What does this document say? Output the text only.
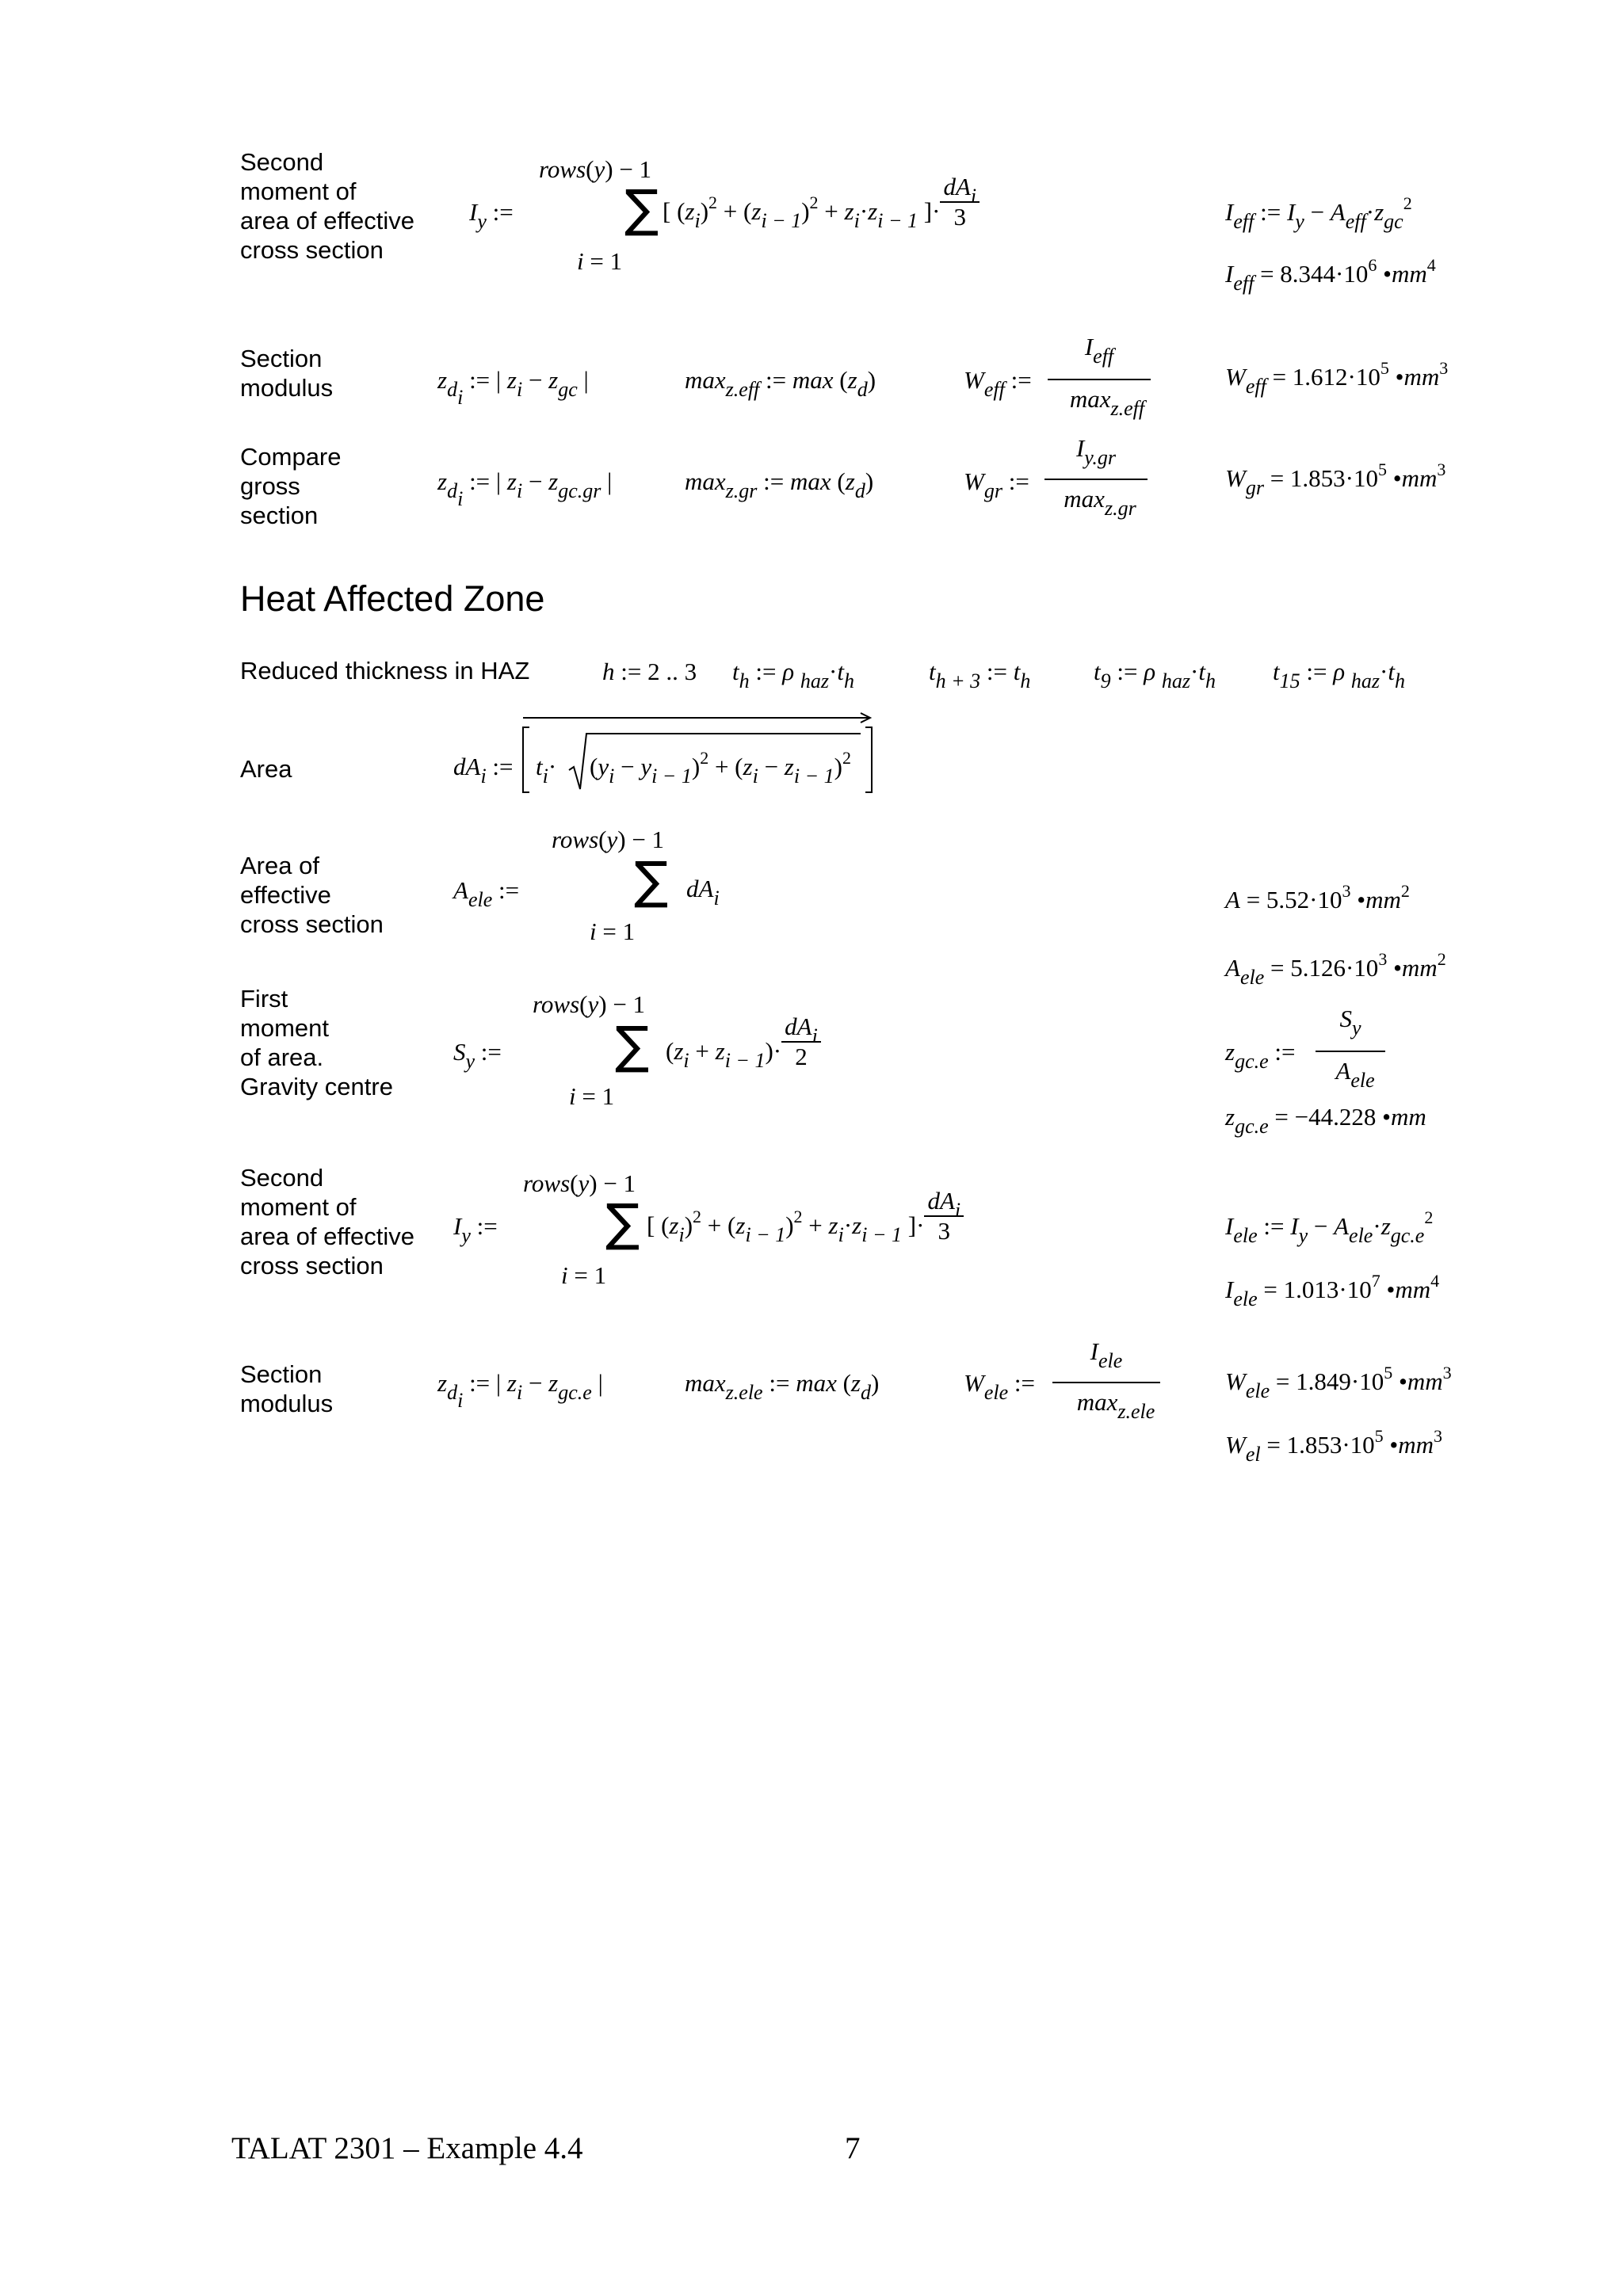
Second
moment of
area of effective
cross section
$I_y$ :=
rows(y) − 1
∑
i = 1
[ $(z_i)^2 + (z_{i - 1})^2 + z_i\cdot z_{i - 1}$ ]· $\frac{dA_i}{3}$	$I_{eff}$ := $I_y - A_{eff}\cdot z_{gc}^2$
$I_{eff} = 8.344\cdot 10^6$ $•mm^4$
Section
modulus	$z_{d_i}$ := | $z_i - z_{gc}$ |	$\max_{z.eff}$ := $\max (z_d)$	$W_{eff}$ :=
$I_{eff}$
$\max_{z.eff}$
$W_{eff} = 1.612\cdot 10^5$ $•mm^3$
Compare
gross
section
$z_{d_i}$ := | $z_i - z_{gc.gr}$ |	$\max_{z.gr}$ := $\max (z_d)$	$W_{gr}$ :=
$I_{y.gr}$
$\max_{z.gr}$
$W_{gr} = 1.853\cdot 10^5$ $•mm^3$
Heat Affected Zone
Reduced thickness in HAZ	h := 2 .. 3 $t_h$ := ρ $_{haz}\cdot t_h$	$t_{h + 3}$ := $t_h$	$t_9$ := ρ $_{haz}\cdot t_h$ $t_{15}$ := ρ $_{haz}\cdot t_h$
Area	$dA_i$ := $t_i\cdot (y_i - y_{i - 1})^2 + (z_i - z_{i - 1})^2$
Area of
effective
cross section
rows(y) − 1
$A_{ele}$ := ∑ $dA_i$
i = 1
$A = 5.52\cdot 10^3$ $•mm^2$
$A_{ele} = 5.126\cdot 10^3$ $•mm^2$
First
moment
of area.
Gravity centre
rows(y) − 1
$S_y$ := ∑ $(z_i + z_{i - 1})\cdot \frac{dA_i}{2}$
i = 1
$z_{gc.e}$ :=
$S_y$
$A_{ele}$
$z_{gc.e} = -44.228$ •mm
Second
moment of
area of effective
cross section
$I_y$ :=
rows(y) − 1
∑
i = 1
[ $(z_i)^2 + (z_{i - 1})^2 + z_i\cdot z_{i - 1}$ ]· $\frac{dA_i}{3}$	$I_{ele}$ := $I_y - A_{ele}\cdot z_{gc.e}^2$
$I_{ele} = 1.013\cdot 10^7$ $•mm^4$
Section
modulus
$z_{d_i}$ := | $z_i - z_{gc.e}$ |	$\max_{z.ele}$ := $\max (z_d)$	$W_{ele}$ :=
$I_{ele}$
$\max_{z.ele}$
$W_{ele} = 1.849\cdot 10^5$ $•mm^3$
$W_{el} = 1.853\cdot 10^5$ $•mm^3$
TALAT 2301 – Example 4.4	7
